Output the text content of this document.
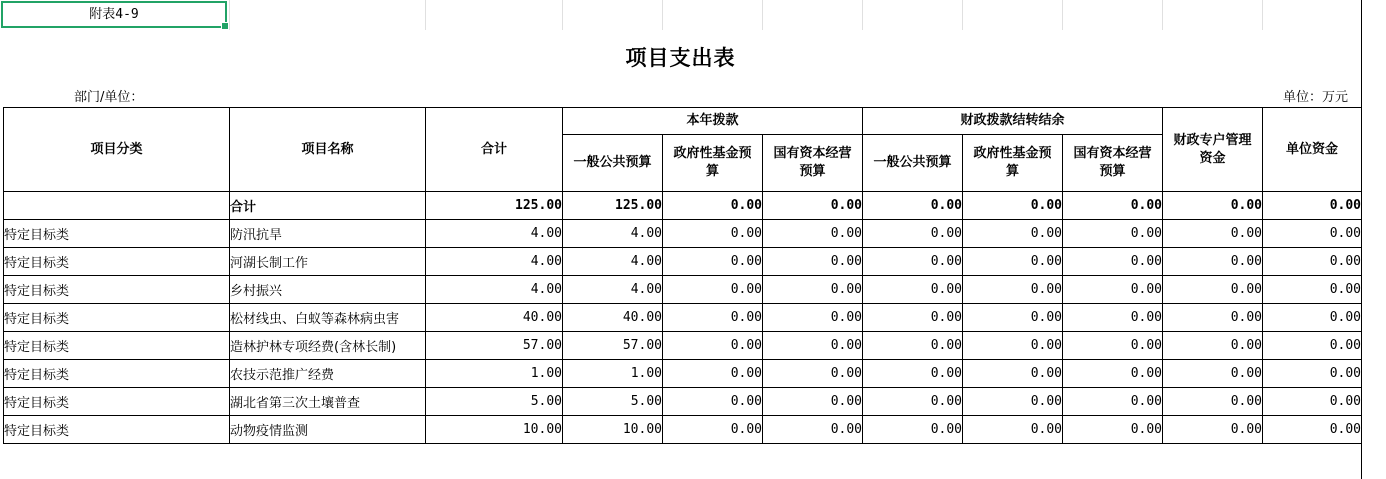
附表4-9
项目支出表
部门/单位：	单位：万元
项目分类	项目名称	合计	本年拨款			财政拨款结转结余			财政专户管理资金	单位资金
			一般公共预算	政府性基金预算	国有资本经营预算	一般公共预算	政府性基金预算	国有资本经营预算		
	合计	125.00	125.00	0.00	0.00	0.00	0.00	0.00	0.00	0.00
特定目标类	防汛抗旱	4.00	4.00	0.00	0.00	0.00	0.00	0.00	0.00	0.00
特定目标类	河湖长制工作	4.00	4.00	0.00	0.00	0.00	0.00	0.00	0.00	0.00
特定目标类	乡村振兴	4.00	4.00	0.00	0.00	0.00	0.00	0.00	0.00	0.00
特定目标类	松材线虫、白蚁等森林病虫害	40.00	40.00	0.00	0.00	0.00	0.00	0.00	0.00	0.00
特定目标类	造林护林专项经费(含林长制)	57.00	57.00	0.00	0.00	0.00	0.00	0.00	0.00	0.00
特定目标类	农技示范推广经费	1.00	1.00	0.00	0.00	0.00	0.00	0.00	0.00	0.00
特定目标类	湖北省第三次土壤普查	5.00	5.00	0.00	0.00	0.00	0.00	0.00	0.00	0.00
特定目标类	动物疫情监测	10.00	10.00	0.00	0.00	0.00	0.00	0.00	0.00	0.00
